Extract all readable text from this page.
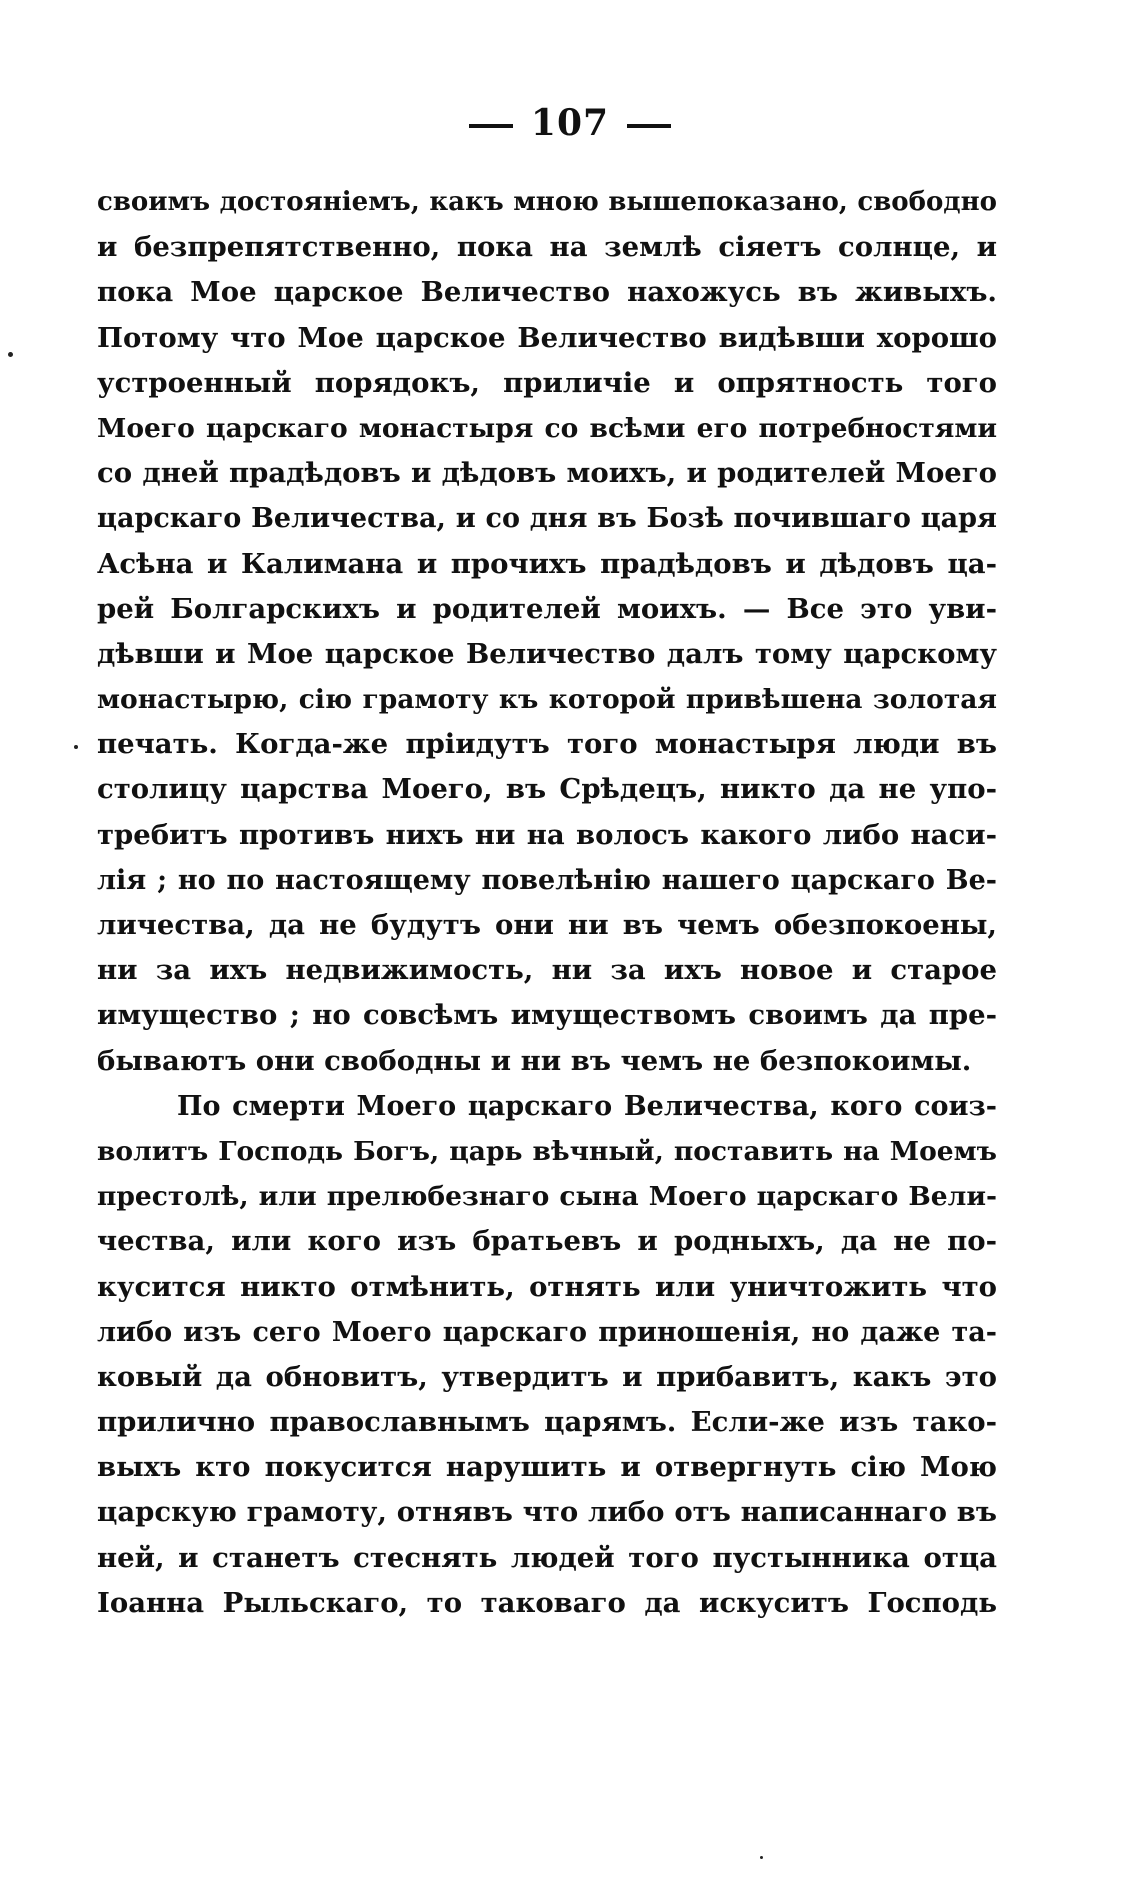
107
своимъ достояніемъ, какъ мною вышепоказано, свободно
и безпрепятственно, пока на землѣ сіяетъ солнце, и
пока Мое царское Величество нахожусь въ живыхъ.
Потому что Мое царское Величество видѣвши хорошо
устроенный порядокъ, приличіе и опрятность того
Моего царскаго монастыря со всѣми его потребностями
со дней прадѣдовъ и дѣдовъ моихъ, и родителей Моего
царскаго Величества, и со дня въ Бозѣ почившаго царя
Асѣна и Калимана и прочихъ прадѣдовъ и дѣдовъ ца-
рей Болгарскихъ и родителей моихъ. — Все это уви-
дѣвши и Мое царское Величество далъ тому царскому
монастырю, сію грамоту къ которой привѣшена золотая
печать. Когда-же пріидутъ того монастыря люди въ
столицу царства Моего, въ Срѣдецъ, никто да не упо-
требитъ противъ нихъ ни на волосъ какого либо наси-
лія ; но по настоящему повелѣнію нашего царскаго Ве-
личества, да не будутъ они ни въ чемъ обезпокоены,
ни за ихъ недвижимость, ни за ихъ новое и старое
имущество ; но совсѣмъ имуществомъ своимъ да пре-
бываютъ они свободны и ни въ чемъ не безпокоимы.
По смерти Моего царскаго Величества, кого соиз-
волитъ Господь Богъ, царь вѣчный, поставить на Моемъ
престолѣ, или прелюбезнаго сына Моего царскаго Вели-
чества, или кого изъ братьевъ и родныхъ, да не по-
кусится никто отмѣнить, отнять или уничтожить что
либо изъ сего Моего царскаго приношенія, но даже та-
ковый да обновитъ, утвердитъ и прибавитъ, какъ это
прилично православнымъ царямъ. Если-же изъ тако-
выхъ кто покусится нарушить и отвергнуть сію Мою
царскую грамоту, отнявъ что либо отъ написаннаго въ
ней, и станетъ стеснять людей того пустынника отца
Іоанна Рыльскаго, то таковаго да искуситъ Господь
